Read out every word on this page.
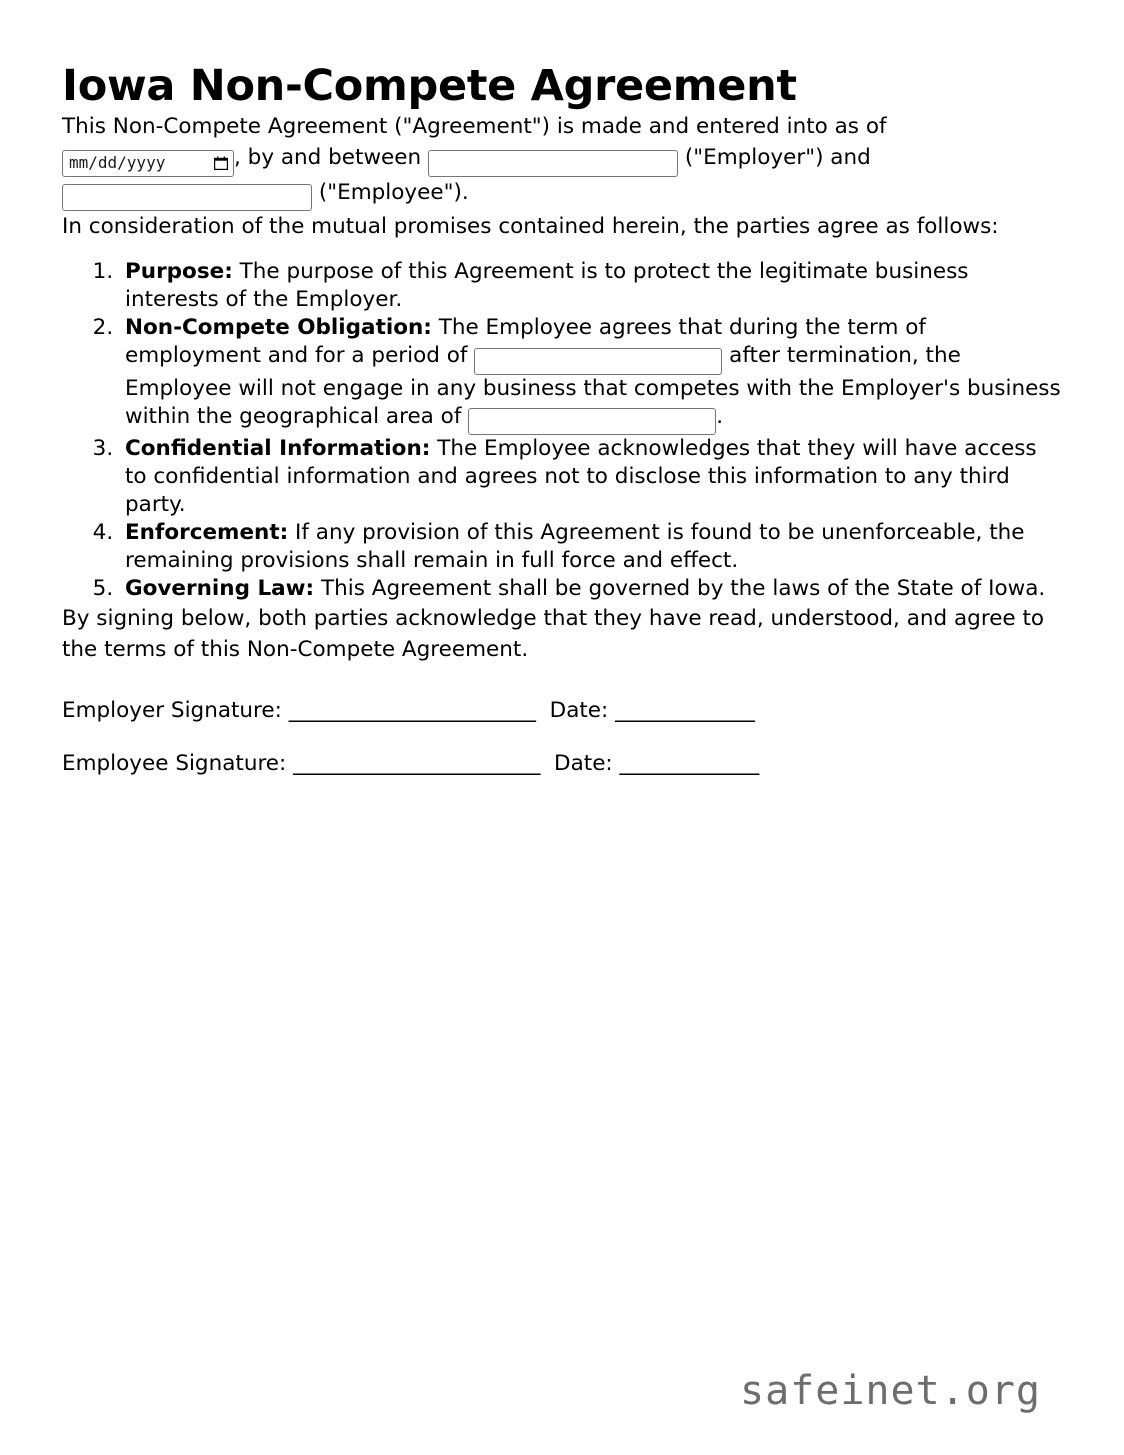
Iowa Non-Compete Agreement

This Non-Compete Agreement ("Agreement") is made and entered into as of

mm/dd/yyyy	, by and between	("Employer") and
("Employee").

In consideration of the mutual promises contained herein, the parties agree as follows:

1. Purpose: The purpose of this Agreement is to protect the legitimate business interests of the Employer.
2. Non-Compete Obligation: The Employee agrees that during the term of employment and for a period of	after termination, the Employee will not engage in any business that competes with the Employer's business within the geographical area of	.
3. Confidential Information: The Employee acknowledges that they will have access to confidential information and agrees not to disclose this information to any third party.
4. Enforcement: If any provision of this Agreement is found to be unenforceable, the remaining provisions shall remain in full force and effect.
5. Governing Law: This Agreement shall be governed by the laws of the State of Iowa.

By signing below, both parties acknowledge that they have read, understood, and agree to the terms of this Non-Compete Agreement.

Employer Signature: _______________________  Date: _____________

Employee Signature: _______________________  Date: _____________

safeinet.org
